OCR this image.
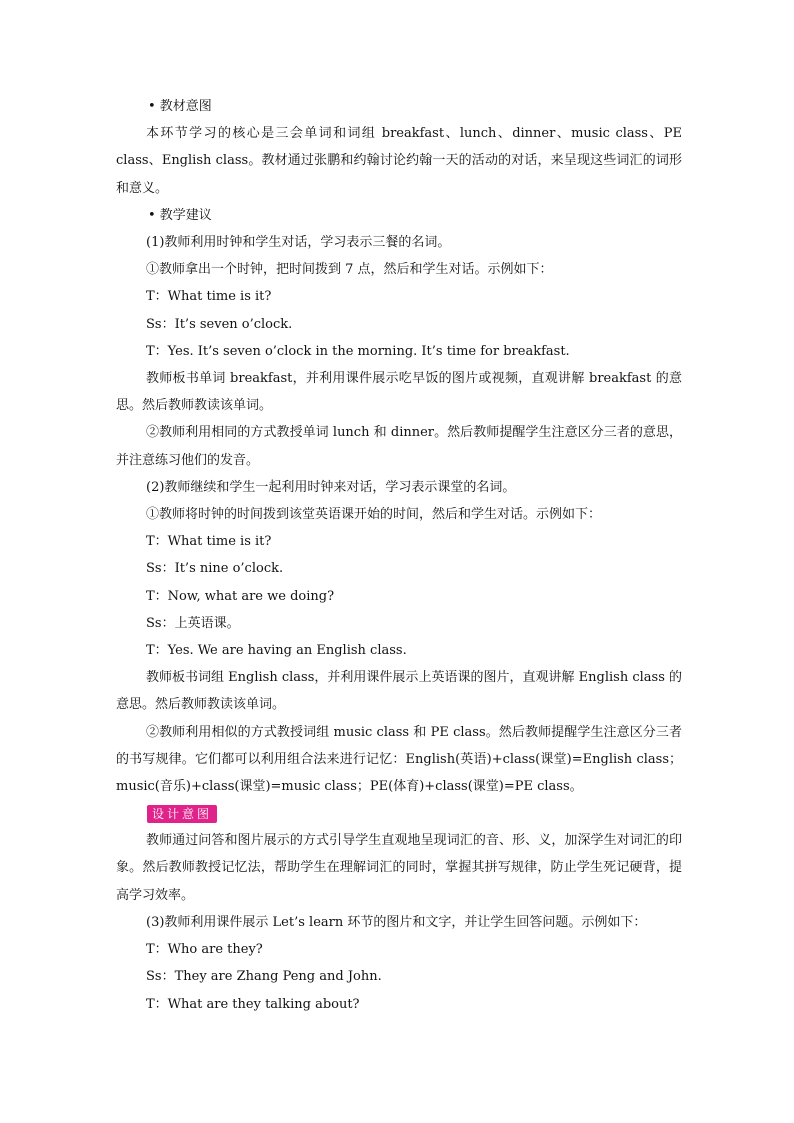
• 教材意图

本环节学习的核心是三会单词和词组 breakfast、lunch、dinner、music class、PE class、English class。教材通过张鹏和约翰讨论约翰一天的活动的对话，来呈现这些词汇的词形和意义。

• 教学建议
(1)教师利用时钟和学生对话，学习表示三餐的名词。
①教师拿出一个时钟，把时间拨到 7 点，然后和学生对话。示例如下：
T：What time is it?
Ss：It’s seven o’clock.
T：Yes. It’s seven o’clock in the morning. It’s time for breakfast.

教师板书单词 breakfast，并利用课件展示吃早饭的图片或视频，直观讲解 breakfast 的意思。然后教师教读该单词。

②教师利用相同的方式教授单词 lunch 和 dinner。然后教师提醒学生注意区分三者的意思，并注意练习他们的发音。

(2)教师继续和学生一起利用时钟来对话，学习表示课堂的名词。
①教师将时钟的时间拨到该堂英语课开始的时间，然后和学生对话。示例如下：
T：What time is it?
Ss：It’s nine o’clock.
T：Now, what are we doing?
Ss：上英语课。
T：Yes. We are having an English class.

教师板书词组 English class，并利用课件展示上英语课的图片，直观讲解 English class 的意思。然后教师教读该单词。

②教师利用相似的方式教授词组 music class 和 PE class。然后教师提醒学生注意区分三者的书写规律。它们都可以利用组合法来进行记忆：English(英语)+class(课堂)=English class；music(音乐)+class(课堂)=music class；PE(体育)+class(课堂)=PE class。

设计意图

教师通过问答和图片展示的方式引导学生直观地呈现词汇的音、形、义，加深学生对词汇的印象。然后教师教授记忆法，帮助学生在理解词汇的同时，掌握其拼写规律，防止学生死记硬背，提高学习效率。

(3)教师利用课件展示 Let’s learn 环节的图片和文字，并让学生回答问题。示例如下：
T：Who are they?
Ss：They are Zhang Peng and John.
T：What are they talking about?
